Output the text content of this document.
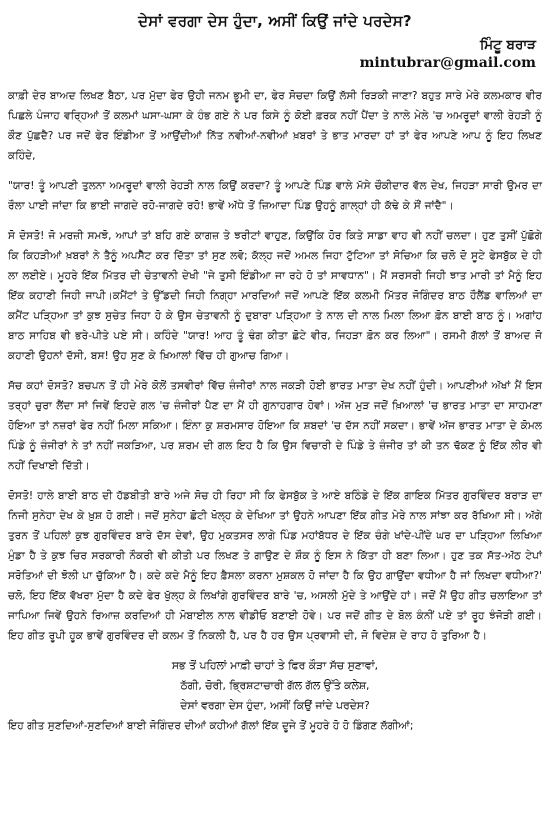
ਦੇਸਾਂ ਵਰਗਾ ਦੇਸ ਹੁੰਦਾ, ਅਸੀਂ ਕਿਉਂ ਜਾਂਦੇ ਪਰਦੇਸ?
ਮਿੰਟੂ ਬਰਾੜ
mintubrar@gmail.com

ਕਾਫ਼ੀ ਦੇਰ ਬਾਅਦ ਲਿਖਣ ਬੈਠਾ, ਪਰ ਮੁੱਦਾ ਫੇਰ ਉਹੀ ਜਨਮ ਭੂਮੀ ਦਾ, ਫੇਰ ਸੋਚਦਾ ਕਿਉਂ ਲੱਸੀ ਰਿੜਕੀ ਜਾਣਾ? ਬਹੁਤ ਸਾਰੇ ਮੇਰੇ ਕਲਮਕਾਰ ਵੀਰ ਪਿਛਲੇ ਪੰਜਾਹ ਵਰ੍ਹਿਆਂ ਤੋਂ ਕਲਮਾਂ ਘਸਾ-ਘਸਾ ਕੇ ਹੰਭ ਗਏ ਨੇ ਪਰ ਕਿਸੇ ਨੂੰ ਕੋਈ ਫ਼ਰਕ ਨਹੀਂ ਪੈਂਦਾ ਤੇ ਨਾਲੇ ਮੇਲੇ 'ਚ ਅਮਰੂਦਾਂ ਵਾਲੀ ਰੇਹੜੀ ਨੂੰ ਕੌਣ ਪੁੱਛਦੈ? ਪਰ ਜਦੋਂ ਫੇਰ ਇੰਡੀਆ ਤੋਂ ਆਉਂਦੀਆਂ ਨਿੱਤ ਨਵੀਆਂ-ਨਵੀਆਂ ਖ਼ਬਰਾਂ ਤੇ ਭਾਤ ਮਾਰਦਾ ਹਾਂ ਤਾਂ ਫੇਰ ਆਪਣੇ ਆਪ ਨੂੰ ਇਹ ਲਿਖਣ ਕਹਿੰਦੇ,

"ਯਾਰ! ਤੂੰ ਆਪਣੀ ਤੁਲਨਾ ਅਮਰੂਦਾਂ ਵਾਲੀ ਰੇਹੜੀ ਨਾਲ ਕਿਉਂ ਕਰਦਾ? ਤੂੰ ਆਪਣੇ ਪਿੰਡ ਵਾਲੇ ਮੱਸੇ ਚੌਕੀਦਾਰ ਵੱਲ ਦੇਖ, ਜਿਹੜਾ ਸਾਰੀ ਉਮਰ ਦਾ ਰੌਲਾ ਪਾਈ ਜਾਂਦਾ ਕਿ ਭਾਈ ਜਾਗਦੇ ਰਹੋ-ਜਾਗਦੇ ਰਹੋ! ਭਾਵੇਂ ਅੱਧੇ ਤੋਂ ਜ਼ਿਆਦਾ ਪਿੰਡ ਉਹਨੂੰ ਗਾਲ੍ਹਾਂ ਹੀ ਕੱਢੇ ਕੇ ਸੌਂ ਜਾਂਦੈ"।

ਸੋ ਦੋਸਤੋ! ਜੋ ਮਰਜ਼ੀ ਸਮਝੋ, ਆਪਾਂ ਤਾਂ ਬਹਿ ਗਏ ਕਾਗਜ਼ ਤੇ ਝਰੀਟਾਂ ਵਾਹੁਣ, ਕਿਉਂਕਿ ਹੋਰ ਕਿਤੇ ਸਾਡਾ ਵਾਹ ਵੀ ਨਹੀਂ ਚਲਦਾ। ਹੁਣ ਤੁਸੀਂ ਪੁੱਛੋਗੇ ਕਿ ਕਿਹੜੀਆਂ ਖ਼ਬਰਾਂ ਨੇ ਤੈਨੂੰ ਅਪਸੈੱਟ ਕਰ ਦਿੱਤਾ ਤਾਂ ਸੁਣ ਲਵੋ; ਕੱਲ੍ਹ ਜਦੋਂ ਅਮਲ ਜਿਹਾ ਟੁੱਟਿਆ ਤਾਂ ਸੋਚਿਆ ਕਿ ਚਲੋ ਦੋ ਸੂਟੇ ਫੇਸਬੁੱਕ ਦੇ ਹੀ ਲਾ ਲਈਏ। ਮੂਹਰੇ ਇੱਕ ਮਿੱਤਰ ਦੀ ਚੇਤਾਵਨੀ ਦੇਖੀ "ਜੇ ਤੁਸੀ ਇੰਡੀਆ ਜਾ ਰਹੇ ਹੋ ਤਾਂ ਸਾਵਧਾਨ"। ਮੈਂ ਸਰਸਰੀ ਜਿਹੀ ਝਾਤ ਮਾਰੀ ਤਾਂ ਮੈਨੂੰ ਇਹ ਇੱਕ ਕਹਾਣੀ ਜਿਹੀ ਜਾਪੀ।ਕਮੈਂਟਾਂ ਤੇ ਉੱਡਦੀ ਜਿਹੀ ਨਿਗ੍ਹਾ ਮਾਰਦਿਆਂ ਜਦੋਂ ਆਪਣੇ ਇੱਕ ਕਲਮੀ ਮਿੱਤਰ ਜੋਗਿੰਦਰ ਬਾਠ ਹੌਲੈਂਡ ਵਾਲਿਆਂ ਦਾ ਕਮੈਂਟ ਪੜ੍ਹਿਆ ਤਾਂ ਕੁਝ ਸੁਚੇਤ ਜਿਹਾ ਹੋ ਕੇ ਉਸ ਚੇਤਾਵਨੀ ਨੂੰ ਦੁਬਾਰਾ ਪੜ੍ਹਿਆ ਤੇ ਨਾਲ ਦੀ ਨਾਲ ਮਿਲਾ ਲਿਆ ਫ਼ੋਨ ਬਾਈ ਬਾਠ ਨੂੰ। ਅਗਾਂਹ ਬਾਠ ਸਾਹਿਬ ਵੀ ਭਰੇ-ਪੀਤੇ ਪਏ ਸੀ। ਕਹਿੰਦੇ "ਯਾਰ! ਆਹ ਤੂੰ ਢੰਗ ਕੀਤਾ ਛੋਟੇ ਵੀਰ, ਜਿਹੜਾ ਫ਼ੋਨ ਕਰ ਲਿਆ"। ਰਸਮੀ ਗੱਲਾਂ ਤੋਂ ਬਾਅਦ ਜੋ ਕਹਾਣੀ ਉਹਨਾਂ ਦੱਸੀ, ਬਸ! ਉਹ ਸੁਣ ਕੇ ਖ਼ਿਆਲਾਂ ਵਿੱਚ ਹੀ ਗੁਆਚ ਗਿਆ।

ਸੱਚ ਕਹਾਂ ਦੋਸਤੋ? ਬਚਪਨ ਤੋਂ ਹੀ ਮੇਰੇ ਕੋਲੋਂ ਤਸਵੀਰਾਂ ਵਿੱਚ ਜ਼ੰਜੀਰਾਂ ਨਾਲ ਜਕੜੀ ਹੋਈ ਭਾਰਤ ਮਾਤਾ ਦੇਖ ਨਹੀਂ ਹੁੰਦੀ। ਆਪਣੀਆਂ ਅੱਖਾਂ ਮੈਂ ਇਸ ਤਰ੍ਹਾਂ ਚੁਰਾ ਲੈਂਦਾ ਸਾਂ ਜਿਵੇਂ ਇਹਦੇ ਗਲ 'ਚ ਜ਼ੰਜੀਰਾਂ ਪੈਣ ਦਾ ਮੈਂ ਹੀ ਗੁਨਾਹਗਾਰ ਹੋਵਾਂ। ਅੱਜ ਮੁੜ ਜਦੋਂ ਖ਼ਿਆਲਾਂ 'ਚ ਭਾਰਤ ਮਾਤਾ ਦਾ ਸਾਹਮਣਾ ਹੋਇਆ ਤਾਂ ਨਜ਼ਰਾਂ ਫੇਰ ਨਹੀਂ ਮਿਲਾ ਸਕਿਆ। ਇੰਨਾ ਕੁ ਸ਼ਰਮਸਾਰ ਹੋਇਆ ਕਿ ਸ਼ਬਦਾਂ 'ਚ ਦੱਸ ਨਹੀਂ ਸਕਦਾ। ਭਾਵੇਂ ਅੱਜ ਭਾਰਤ ਮਾਤਾ ਦੇ ਕੋਮਲ ਪਿੰਡੇ ਨੂੰ ਜ਼ੰਜੀਰਾਂ ਨੇ ਤਾਂ ਨਹੀਂ ਜਕੜਿਆ, ਪਰ ਸ਼ਰਮ ਦੀ ਗਲ ਇਹ ਹੈ ਕਿ ਉਸ ਵਿਚਾਰੀ ਦੇ ਪਿੰਡੇ ਤੇ ਜ਼ੰਜੀਰ ਤਾਂ ਕੀ ਤਨ ਢੱਕਣ ਨੂੰ ਇੱਕ ਲੀਰ ਵੀ ਨਹੀਂ ਦਿਖਾਈ ਦਿੱਤੀ।

ਦੋਸਤੋ! ਹਾਲੇ ਬਾਈ ਬਾਠ ਦੀ ਹੱਡਬੀਤੀ ਬਾਰੇ ਅਜੇ ਸੋਚ ਹੀ ਰਿਹਾ ਸੀ ਕਿ ਫੇਸਬੁੱਕ ਤੇ ਆਏ ਬਠਿੰਡੇ ਦੇ ਇੱਕ ਗਾਇਕ ਮਿੱਤਰ ਗੁਰਵਿੰਦਰ ਬਰਾੜ ਦਾ ਨਿਜੀ ਸੁਨੇਹਾ ਦੇਖ ਕੇ ਖ਼ੁਸ਼ ਹੋ ਗਈ। ਜਦੋਂ ਸੁਨੇਹਾ ਛੋਟੀ ਖੋਲ੍ਹ ਕੇ ਦੇਖਿਆ ਤਾਂ ਉਹਨੇ ਆਪਣਾ ਇੱਕ ਗੀਤ ਮੇਰੇ ਨਾਲ ਸਾਂਝਾ ਕਰ ਰੱਖਿਆ ਸੀ। ਅੱਗੇ ਤੁਰਨ ਤੋਂ ਪਹਿਲਾਂ ਕੁਝ ਗੁਰਵਿੰਦਰ ਬਾਰੇ ਦੱਸ ਦੇਵਾਂ, ਉਹ ਮੁਕਤਸਰ ਲਾਗੇ ਪਿੰਡ ਮਹਾਂਬੱਧਰ ਦੇ ਇੱਕ ਚੰਗੇ ਖਾਂਦੇ-ਪੀਂਦੇ ਘਰ ਦਾ ਪੜ੍ਹਿਆ ਲਿਖਿਆ ਮੁੰਡਾ ਹੈ ਤੇ ਕੁਝ ਚਿਰ ਸਰਕਾਰੀ ਨੌਕਰੀ ਵੀ ਕੀਤੀ ਪਰ ਲਿਖਣ ਤੇ ਗਾਉਣ ਦੇ ਸ਼ੌਕ ਨੂੰ ਇਸ ਨੇ ਕਿੱਤਾ ਹੀ ਬਣਾ ਲਿਆ। ਹੁਣ ਤਕ ਸੱਤ-ਅੱਠ ਟੇਪਾਂ ਸਰੋਤਿਆਂ ਦੀ ਝੋਲੀ ਪਾ ਚੁੱਕਿਆ ਹੈ। ਕਦੇ ਕਦੇ ਮੈਨੂੰ ਇਹ ਫ਼ੈਸਲਾ ਕਰਨਾ ਮੁਸ਼ਕਲ ਹੋ ਜਾਂਦਾ ਹੈ ਕਿ ਉਹ ਗਾਉਂਦਾ ਵਧੀਆ ਹੈ ਜਾਂ ਲਿਖਦਾ ਵਧੀਆ?' ਚਲੋ, ਇਹ ਇੱਕ ਵੱਖਰਾ ਮੁੱਦਾ ਹੈ ਕਦੇ ਫੇਰ ਖੁੱਲ੍ਹ ਕੇ ਲਿਖਾਂਗੇ ਗੁਰਵਿੰਦਰ ਬਾਰੇ 'ਚ, ਅਸਲੀ ਮੁੱਦੇ ਤੇ ਆਉਂਦੇ ਹਾਂ। ਜਦੋਂ ਮੈਂ ਉਹ ਗੀਤ ਚਲਾਇਆ ਤਾਂ ਜਾਪਿਆ ਜਿਵੇਂ ਉਹਨੇ ਰਿਆਜ਼ ਕਰਦਿਆਂ ਹੀ ਮੋਬਾਈਲ ਨਾਲ ਵੀਡੀਓ ਬਣਾਈ ਹੋਵੇ। ਪਰ ਜਦੋਂ ਗੀਤ ਦੇ ਬੋਲ ਕੰਨੀਂ ਪਏ ਤਾਂ ਰੂਹ ਝੰਜੋੜੀ ਗਈ। ਇਹ ਗੀਤ ਰੂਪੀ ਹੂਕ ਭਾਵੇਂ ਗੁਰਵਿੰਦਰ ਦੀ ਕਲਮ ਤੋਂ ਨਿਕਲੀ ਹੈ, ਪਰ ਹੈ ਹਰ ਉਸ ਪ੍ਰਵਾਸੀ ਦੀ, ਜੋ ਵਿਦੇਸ਼ ਦੇ ਰਾਹ ਹੋ ਤੁਰਿਆ ਹੈ।

ਸਭ ਤੋਂ ਪਹਿਲਾਂ ਮਾਫ਼ੀ ਚਾਹਾਂ ਤੇ ਫਿਰ ਕੌੜਾ ਸੱਚ ਸੁਣਾਵਾਂ,

ਠੱਗੀ, ਚੋਰੀ, ਭ੍ਰਿਸ਼ਟਾਚਾਰੀ ਗੱਲ ਗੱਲ ਉੱਤੇ ਕਲੇਸ਼,

ਦੇਸਾਂ ਵਰਗਾ ਦੇਸ ਹੁੰਦਾ, ਅਸੀਂ ਕਿਉਂ ਜਾਂਦੇ ਪਰਦੇਸ?

ਇਹ ਗੀਤ ਸੁਣਦਿਆਂ-ਸੁਣਦਿਆਂ ਬਾਈ ਜੋਗਿੰਦਰ ਦੀਆਂ ਕਹੀਆਂ ਗੱਲਾਂ ਇੱਕ ਦੂਜੇ ਤੋਂ ਮੂਹਰੇ ਹੋ ਹੋ ਡਿੰਗਣ ਲੱਗੀਆਂ;
